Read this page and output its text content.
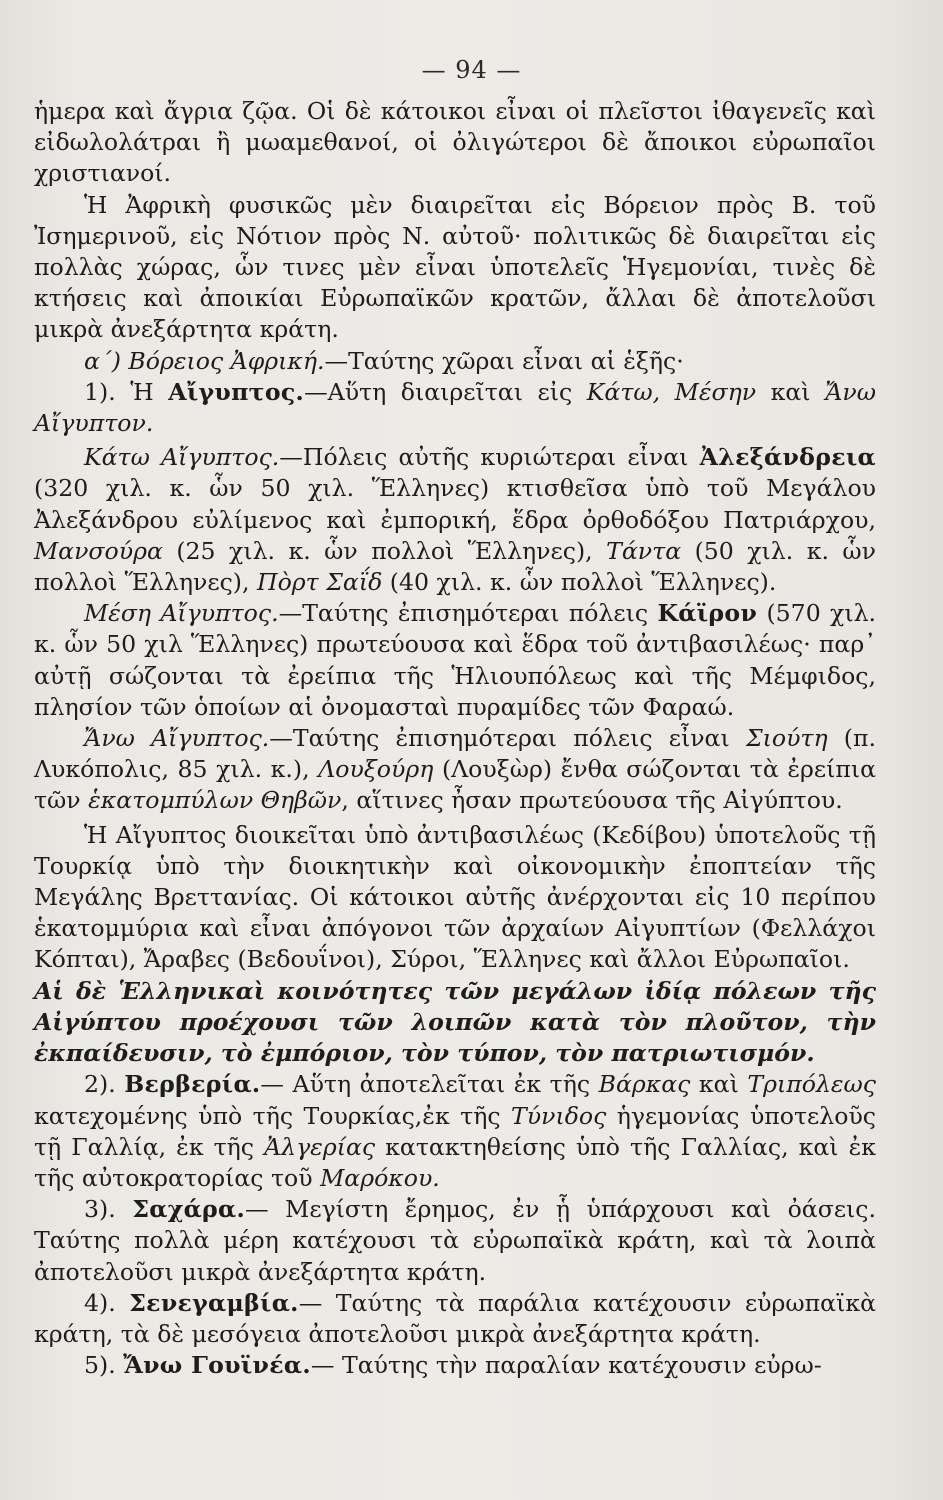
— 94 —

ἡμερα καὶ ἄγρια ζῷα. Οἱ δὲ κάτοικοι εἶναι οἱ πλεῖστοι ἰθαγενεῖς καὶ εἰδωλολάτραι ἢ μωαμεθανοί, οἱ ὀλιγώτεροι δὲ ἄποικοι εὐρωπαῖοι χριστιανοί.

Ἡ Ἀφρικὴ φυσικῶς μὲν διαιρεῖται εἰς Βόρειον πρὸς Β. τοῦ Ἰσημερινοῦ, εἰς Νότιον πρὸς Ν. αὐτοῦ· πολιτικῶς δὲ διαιρεῖται εἰς πολλὰς χώρας, ὧν τινες μὲν εἶναι ὑποτελεῖς Ἡγεμονίαι, τινὲς δὲ κτήσεις καὶ ἀποικίαι Εὐρωπαϊκῶν κρατῶν, ἄλλαι δὲ ἀποτελοῦσι μικρὰ ἀνεξάρτητα κράτη.

α΄) Βόρειος Ἀφρική.—Ταύτης χῶραι εἶναι αἱ ἑξῆς·

1). Ἡ Αἴγυπτος.—Αὕτη διαιρεῖται εἰς Κάτω, Μέσην καὶ Ἄνω Αἴγυπτον.

Κάτω Αἴγυπτος.—Πόλεις αὐτῆς κυριώτεραι εἶναι Ἀλεξάνδρεια (320 χιλ. κ. ὧν 50 χιλ. Ἕλληνες) κτισθεῖσα ὑπὸ τοῦ Μεγάλου Ἀλεξάνδρου εὐλίμενος καὶ ἐμπορική, ἕδρα ὀρθοδόξου Πατριάρχου, Μανσούρα (25 χιλ. κ. ὧν πολλοὶ Ἕλληνες), Τάντα (50 χιλ. κ. ὧν πολλοὶ Ἕλληνες), Πὸρτ Σαΐδ (40 χιλ. κ. ὧν πολλοὶ Ἕλληνες).

Μέση Αἴγυπτος.—Ταύτης ἐπισημότεραι πόλεις Κάϊρον (570 χιλ. κ. ὧν 50 χιλ Ἕλληνες) πρωτεύουσα καὶ ἕδρα τοῦ ἀντιβασιλέως· παρ᾽ αὐτῇ σώζονται τὰ ἐρείπια τῆς Ἡλιουπόλεως καὶ τῆς Μέμφιδος, πλησίον τῶν ὁποίων αἱ ὀνομασταὶ πυραμίδες τῶν Φαραώ.

Ἄνω Αἴγυπτος.—Ταύτης ἐπισημότεραι πόλεις εἶναι Σιούτη (π. Λυκόπολις, 85 χιλ. κ.), Λουξούρη (Λουξὼρ) ἔνθα σώζονται τὰ ἐρείπια τῶν ἑκατομπύλων Θηβῶν, αἵτινες ἦσαν πρωτεύουσα τῆς Αἰγύπτου.

Ἡ Αἴγυπτος διοικεῖται ὑπὸ ἀντιβασιλέως (Κεδίβου) ὑποτελοῦς τῇ Τουρκίᾳ ὑπὸ τὴν διοικητικὴν καὶ οἰκονομικὴν ἐποπτείαν τῆς Μεγάλης Βρεττανίας. Οἱ κάτοικοι αὐτῆς ἀνέρχονται εἰς 10 περίπου ἑκατομμύρια καὶ εἶναι ἀπόγονοι τῶν ἀρχαίων Αἰγυπτίων (Φελλάχοι Κόπται), Ἄραβες (Βεδουΐνοι), Σύροι, Ἕλληνες καὶ ἄλλοι Εὐρωπαῖοι.

Αἱ δὲ Ἑλληνικαὶ κοινότητες τῶν μεγάλων ἰδίᾳ πόλεων τῆς Αἰγύπτου προέχουσι τῶν λοιπῶν κατὰ τὸν πλοῦτον, τὴν ἐκπαίδευσιν, τὸ ἐμπόριον, τὸν τύπον, τὸν πατριωτισμόν.

2). Βερβερία.— Αὕτη ἀποτελεῖται ἐκ τῆς Βάρκας καὶ Τριπόλεως κατεχομένης ὑπὸ τῆς Τουρκίας,ἐκ τῆς Τύνιδος ἡγεμονίας ὑποτελοῦς τῇ Γαλλίᾳ, ἐκ τῆς Ἀλγερίας κατακτηθείσης ὑπὸ τῆς Γαλλίας, καὶ ἐκ τῆς αὐτοκρατορίας τοῦ Μαρόκου.

3). Σαχάρα.— Μεγίστη ἔρημος, ἐν ᾗ ὑπάρχουσι καὶ ὀάσεις. Ταύτης πολλὰ μέρη κατέχουσι τὰ εὐρωπαϊκὰ κράτη, καὶ τὰ λοιπὰ ἀποτελοῦσι μικρὰ ἀνεξάρτητα κράτη.

4). Σενεγαμβία.— Ταύτης τὰ παράλια κατέχουσιν εὐρωπαϊκὰ κράτη, τὰ δὲ μεσόγεια ἀποτελοῦσι μικρὰ ἀνεξάρτητα κράτη.

5). Ἄνω Γουϊνέα.— Ταύτης τὴν παραλίαν κατέχουσιν εὐρω-
